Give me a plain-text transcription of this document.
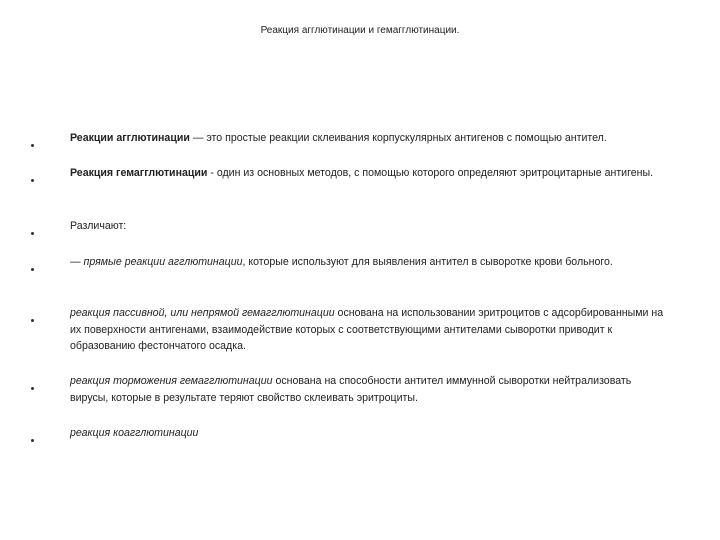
Реакция агглютинации и гемагглютинации.
Реакции агглютинации — это простые реакции склеивания корпускулярных антигенов с помощью антител.
Реакция гемагглютинации - один из основных методов, с помощью которого определяют эритроцитарные антигены.
Различают:
— прямые реакции агглютинации, которые используют для выявления антител в сыворотке крови больного.
реакция пассивной, или непрямой гемагглютинации основана на использовании эритроцитов с адсорбированными на их поверхности антигенами, взаимодействие которых с соответствующими антителами сыворотки приводит к образованию фестончатого осадка.
реакция торможения гемагглютинации основана на способности антител иммунной сыворотки нейтрализовать вирусы, которые в результате теряют свойство склеивать эритроциты.
реакция коагглютинации
